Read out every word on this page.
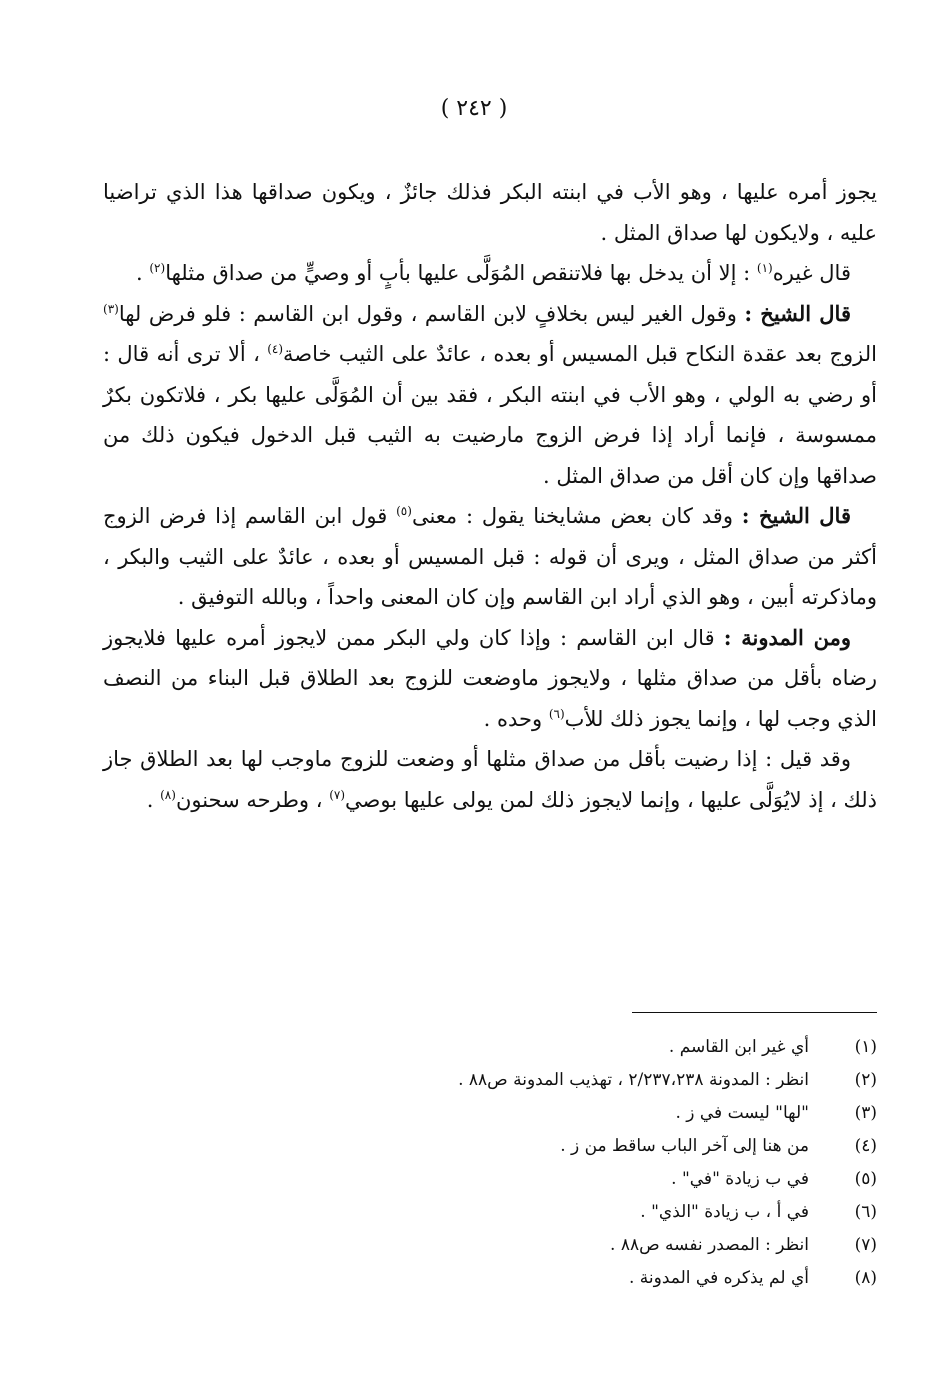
( ٢٤٢ )

يجوز أمره عليها ، وهو الأب في ابنته البكر فذلك جائزٌ ، ويكون صداقها هذا الذي تراضيا عليه ، ولايكون لها صداق المثل .

قال غيره$^{(١)}$ : إلا أن يدخل بها فلاتنقص المُوَلَّى عليها بأبٍ أو وصيٍّ من صداق مثلها$^{(٢)}$ .

قال الشيخ : وقول الغير ليس بخلافٍ لابن القاسم ، وقول ابن القاسم : فلو فرض لها$^{(٣)}$ الزوج بعد عقدة النكاح قبل المسيس أو بعده ، عائدٌ على الثيب خاصة$^{(٤)}$ ، ألا ترى أنه قال : أو رضي به الولي ، وهو الأب في ابنته البكر ، فقد بين أن المُوَلَّى عليها بكر ، فلاتكون بكرٌ ممسوسة ، فإنما أراد إذا فرض الزوج مارضيت به الثيب قبل الدخول فيكون ذلك من صداقها وإن كان أقل من صداق المثل .

قال الشيخ : وقد كان بعض مشايخنا يقول : معنى$^{(٥)}$ قول ابن القاسم إذا فرض الزوج أكثر من صداق المثل ، ويرى أن قوله : قبل المسيس أو بعده ، عائدٌ على الثيب والبكر ، وماذكرته أبين ، وهو الذي أراد ابن القاسم وإن كان المعنى واحداً ، وبالله التوفيق .

ومن المدونة : قال ابن القاسم : وإذا كان ولي البكر ممن لايجوز أمره عليها فلايجوز رضاه بأقل من صداق مثلها ، ولايجوز ماوضعت للزوج بعد الطلاق قبل البناء من النصف الذي وجب لها ، وإنما يجوز ذلك للأب$^{(٦)}$ وحده .

وقد قيل : إذا رضيت بأقل من صداق مثلها أو وضعت للزوج ماوجب لها بعد الطلاق جاز ذلك ، إذ لايُوَلَّى عليها ، وإنما لايجوز ذلك لمن يولى عليها بوصي$^{(٧)}$ ، وطرحه سحنون$^{(٨)}$ .

(١)
أي غير ابن القاسم .
(٢)
انظر : المدونة ٢/٢٣٧،٢٣٨ ، تهذيب المدونة ص٨٨ .
(٣)
"لها" ليست في ز .
(٤)
من هنا إلى آخر الباب ساقط من ز .
(٥)
في ب زيادة "في" .
(٦)
في أ ، ب زيادة "الذي" .
(٧)
انظر : المصدر نفسه ص٨٨ .
(٨)
أي لم يذكره في المدونة .
